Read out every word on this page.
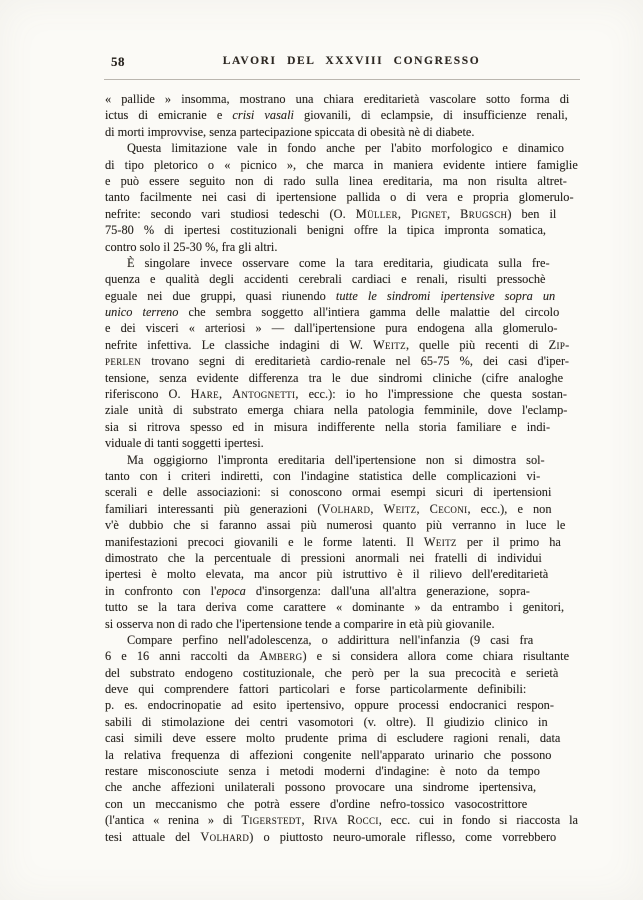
58	LAVORI DEL XXXVIII CONGRESSO
« pallide » insomma, mostrano una chiara ereditarietà vascolare sotto forma di
ictus di emicranie e crisi vasali giovanili, di eclampsie, di insufficienze renali,
di morti improvvise, senza partecipazione spiccata di obesità nè di diabete.
Questa limitazione vale in fondo anche per l'abito morfologico e dinamico
di tipo pletorico o « picnico », che marca in maniera evidente intiere famiglie
e può essere seguito non di rado sulla linea ereditaria, ma non risulta altret-
tanto facilmente nei casi di ipertensione pallida o di vera e propria glomerulo-
nefrite: secondo vari studiosi tedeschi (O. Müller, Pignet, Brugsch) ben il
75-80 % di ipertesi costituzionali benigni offre la tipica impronta somatica,
contro solo il 25-30 %, fra gli altri.
È singolare invece osservare come la tara ereditaria, giudicata sulla fre-
quenza e qualità degli accidenti cerebrali cardiaci e renali, risulti pressochè
eguale nei due gruppi, quasi riunendo tutte le sindromi ipertensive sopra un
unico terreno che sembra soggetto all'intiera gamma delle malattie del circolo
e dei visceri « arteriosi » — dall'ipertensione pura endogena alla glomerulo-
nefrite infettiva. Le classiche indagini di W. Weitz, quelle più recenti di Zip-
perlen trovano segni di ereditarietà cardio-renale nel 65-75 %, dei casi d'iper-
tensione, senza evidente differenza tra le due sindromi cliniche (cifre analoghe
riferiscono O. Hare, Antognetti, ecc.): io ho l'impressione che questa sostan-
ziale unità di substrato emerga chiara nella patologia femminile, dove l'eclamp-
sia si ritrova spesso ed in misura indifferente nella storia familiare e indi-
viduale di tanti soggetti ipertesi.
Ma oggigiorno l'impronta ereditaria dell'ipertensione non si dimostra sol-
tanto con i criteri indiretti, con l'indagine statistica delle complicazioni vi-
scerali e delle associazioni: si conoscono ormai esempi sicuri di ipertensioni
familiari interessanti più generazioni (Volhard, Weitz, Ceconi, ecc.), e non
v'è dubbio che si faranno assai più numerosi quanto più verranno in luce le
manifestazioni precoci giovanili e le forme latenti. Il Weitz per il primo ha
dimostrato che la percentuale di pressioni anormali nei fratelli di individui
ipertesi è molto elevata, ma ancor più istruttivo è il rilievo dell'ereditarietà
in confronto con l'epoca d'insorgenza: dall'una all'altra generazione, sopra-
tutto se la tara deriva come carattere « dominante » da entrambo i genitori,
si osserva non di rado che l'ipertensione tende a comparire in età più giovanile.
Compare perfino nell'adolescenza, o addirittura nell'infanzia (9 casi fra
6 e 16 anni raccolti da Amberg) e si considera allora come chiara risultante
del substrato endogeno costituzionale, che però per la sua precocità e serietà
deve qui comprendere fattori particolari e forse particolarmente definibili:
p. es. endocrinopatie ad esito ipertensivo, oppure processi endocranici respon-
sabili di stimolazione dei centri vasomotori (v. oltre). Il giudizio clinico in
casi simili deve essere molto prudente prima di escludere ragioni renali, data
la relativa frequenza di affezioni congenite nell'apparato urinario che possono
restare misconosciute senza i metodi moderni d'indagine: è noto da tempo
che anche affezioni unilaterali possono provocare una sindrome ipertensiva,
con un meccanismo che potrà essere d'ordine nefro-tossico vasocostrittore
(l'antica « renina » di Tigerstedt, Riva Rocci, ecc. cui in fondo si riaccosta la
tesi attuale del Volhard) o piuttosto neuro-umorale riflesso, come vorrebbero
